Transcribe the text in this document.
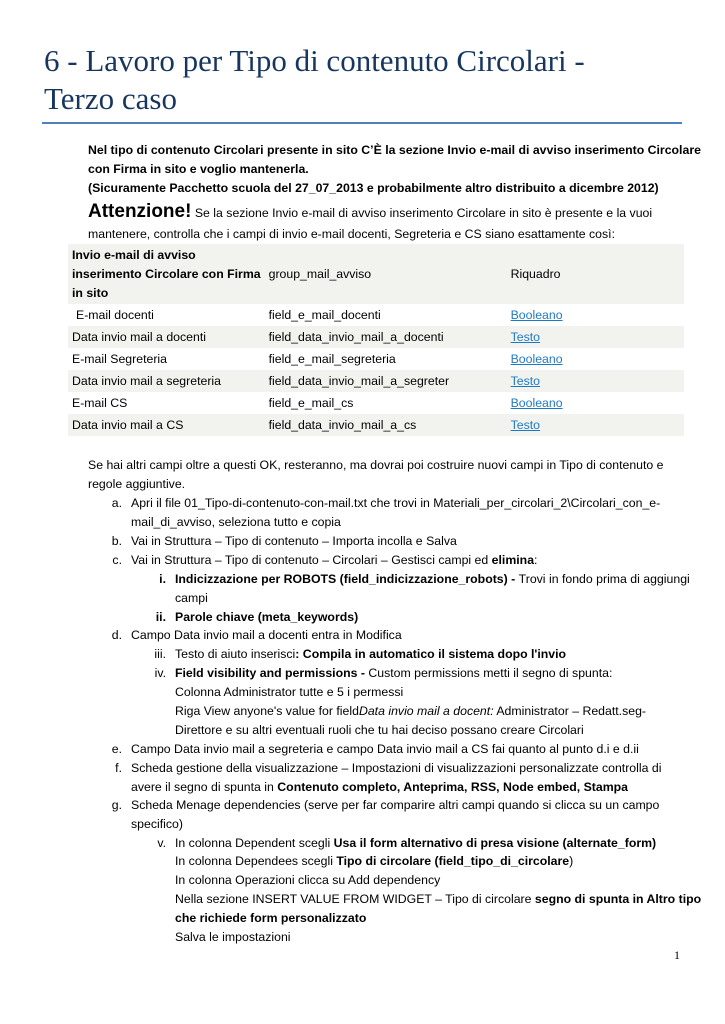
6 - Lavoro per Tipo di contenuto Circolari -
Terzo caso
Nel tipo di contenuto Circolari presente in sito C’È la sezione Invio e-mail di avviso inserimento Circolare
con Firma in sito e voglio mantenerla.
(Sicuramente Pacchetto scuola del 27_07_2013 e probabilmente altro distribuito a dicembre 2012)
Attenzione! Se la sezione Invio e-mail di avviso inserimento Circolare in sito è presente e la vuoi
mantenere, controlla che i campi di invio e-mail docenti, Segreteria e CS siano esattamente così:
Invio e-mail di avviso
inserimento Circolare con Firma
in sito	group_mail_avviso	Riquadro
E-mail docenti	field_e_mail_docenti	Booleano
Data invio mail a docenti	field_data_invio_mail_a_docenti	Testo
E-mail Segreteria	field_e_mail_segreteria	Booleano
Data invio mail a segreteria	field_data_invio_mail_a_segreter	Testo
E-mail CS	field_e_mail_cs	Booleano
Data invio mail a CS	field_data_invio_mail_a_cs	Testo
Se hai altri campi oltre a questi OK, resteranno, ma dovrai poi costruire nuovi campi in Tipo di contenuto e
regole aggiuntive.
a. Apri il file 01_Tipo-di-contenuto-con-mail.txt che trovi in Materiali_per_circolari_2\Circolari_con_e-
mail_di_avviso, seleziona tutto e copia
b. Vai in Struttura – Tipo di contenuto – Importa incolla e Salva
c. Vai in Struttura – Tipo di contenuto – Circolari – Gestisci campi ed elimina:
i. Indicizzazione per ROBOTS (field_indicizzazione_robots) - Trovi in fondo prima di aggiungi
campi
ii. Parole chiave (meta_keywords)
d. Campo Data invio mail a docenti entra in Modifica
iii. Testo di aiuto inserisci: Compila in automatico il sistema dopo l'invio
iv. Field visibility and permissions - Custom permissions metti il segno di spunta:
Colonna Administrator tutte e 5 i permessi
Riga View anyone's value for fieldData invio mail a docent: Administrator – Redatt.seg-
Direttore e su altri eventuali ruoli che tu hai deciso possano creare Circolari
e. Campo Data invio mail a segreteria e campo Data invio mail a CS fai quanto al punto d.i e d.ii
f. Scheda gestione della visualizzazione – Impostazioni di visualizzazioni personalizzate controlla di
avere il segno di spunta in Contenuto completo, Anteprima, RSS, Node embed, Stampa
g. Scheda Menage dependencies (serve per far comparire altri campi quando si clicca su un campo
specifico)
v. In colonna Dependent scegli Usa il form alternativo di presa visione (alternate_form)
In colonna Dependees scegli Tipo di circolare (field_tipo_di_circolare)
In colonna Operazioni clicca su Add dependency
Nella sezione INSERT VALUE FROM WIDGET – Tipo di circolare segno di spunta in Altro tipo
che richiede form personalizzato
Salva le impostazioni
1
